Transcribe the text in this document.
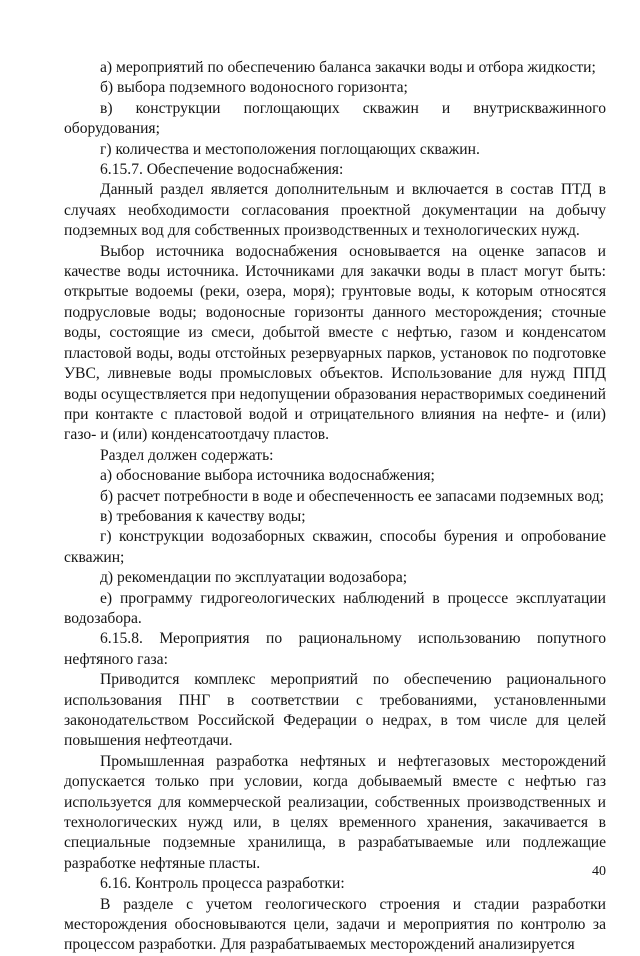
а) мероприятий по обеспечению баланса закачки воды и отбора жидкости;

б) выбора подземного водоносного горизонта;

в) конструкции поглощающих скважин и внутрискважинного оборудования;

г) количества и местоположения поглощающих скважин.

6.15.7. Обеспечение водоснабжения:

Данный раздел является дополнительным и включается в состав ПТД в случаях необходимости согласования проектной документации на добычу подземных вод для собственных производственных и технологических нужд.

Выбор источника водоснабжения основывается на оценке запасов и качестве воды источника. Источниками для закачки воды в пласт могут быть: открытые водоемы (реки, озера, моря); грунтовые воды, к которым относятся подрусловые воды; водоносные горизонты данного месторождения; сточные воды, состоящие из смеси, добытой вместе с нефтью, газом и конденсатом пластовой воды, воды отстойных резервуарных парков, установок по подготовке УВС, ливневые воды промысловых объектов. Использование для нужд ППД воды осуществляется при недопущении образования нерастворимых соединений при контакте с пластовой водой и отрицательного влияния на нефте- и (или) газо- и (или) конденсатоотдачу пластов.

Раздел должен содержать:

а) обоснование выбора источника водоснабжения;

б) расчет потребности в воде и обеспеченность ее запасами подземных вод;

в) требования к качеству воды;

г) конструкции водозаборных скважин, способы бурения и опробование скважин;

д) рекомендации по эксплуатации водозабора;

е) программу гидрогеологических наблюдений в процессе эксплуатации водозабора.

6.15.8. Мероприятия по рациональному использованию попутного нефтяного газа:

Приводится комплекс мероприятий по обеспечению рационального использования ПНГ в соответствии с требованиями, установленными законодательством Российской Федерации о недрах, в том числе для целей повышения нефтеотдачи.

Промышленная разработка нефтяных и нефтегазовых месторождений допускается только при условии, когда добываемый вместе с нефтью газ используется для коммерческой реализации, собственных производственных и технологических нужд или, в целях временного хранения, закачивается в специальные подземные хранилища, в разрабатываемые или подлежащие разработке нефтяные пласты.

6.16. Контроль процесса разработки:

В разделе с учетом геологического строения и стадии разработки месторождения обосновываются цели, задачи и мероприятия по контролю за процессом разработки. Для разрабатываемых месторождений анализируется

40
